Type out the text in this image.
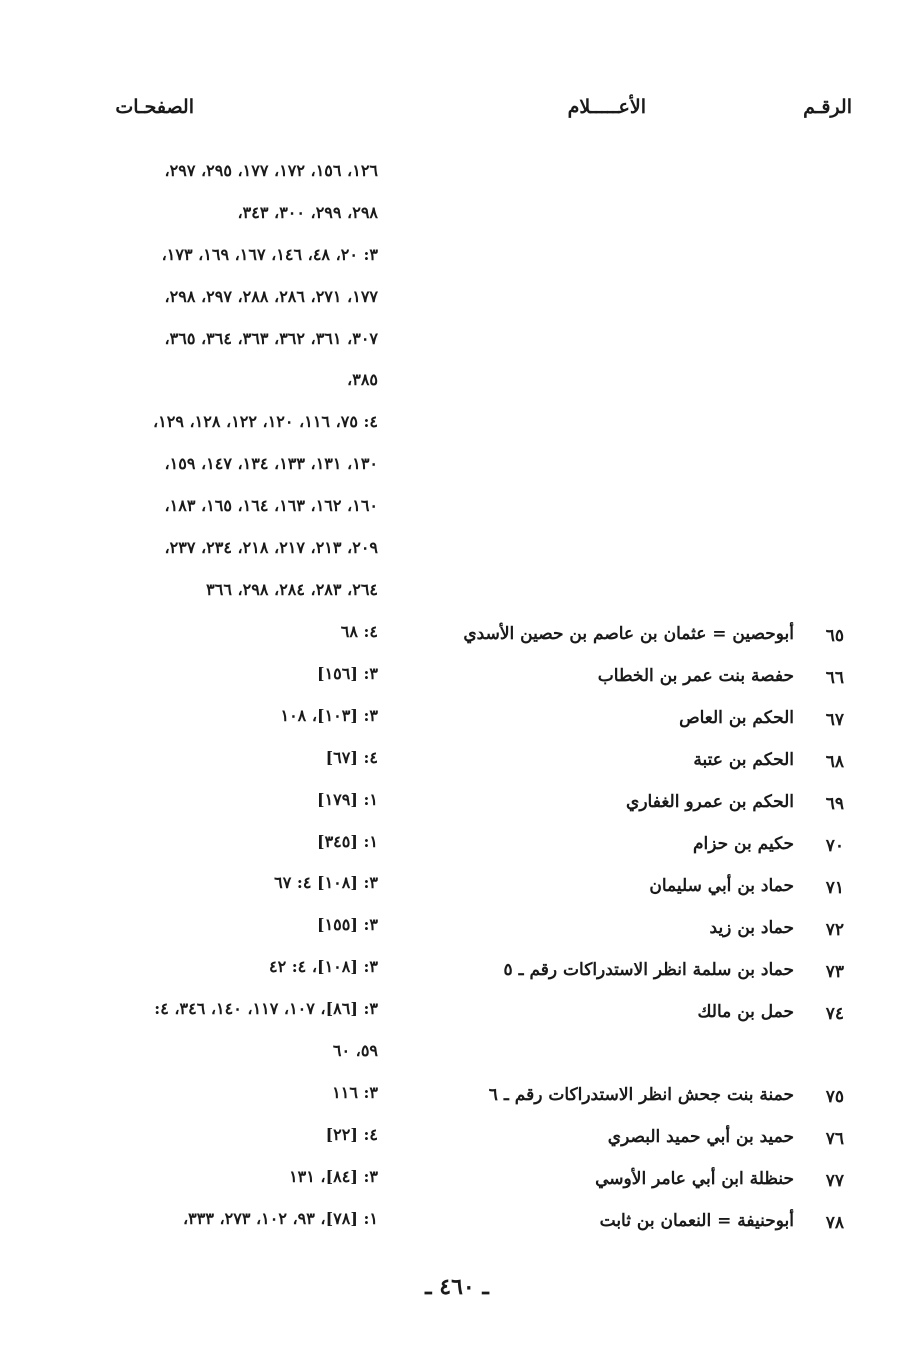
الرقـم
الأعـــــلام
الصفحـات
١٢٦، ١٥٦، ١٧٢، ١٧٧، ٢٩٥، ٢٩٧،
٢٩٨، ٢٩٩، ٣٠٠، ٣٤٣،
٣: ٢٠، ٤٨، ١٤٦، ١٦٧، ١٦٩، ١٧٣،
١٧٧، ٢٧١، ٢٨٦، ٢٨٨، ٢٩٧، ٢٩٨،
٣٠٧، ٣٦١، ٣٦٢، ٣٦٣، ٣٦٤، ٣٦٥،
٣٨٥،
٤: ٧٥، ١١٦، ١٢٠، ١٢٢، ١٢٨، ١٢٩،
١٣٠، ١٣١، ١٣٣، ١٣٤، ١٤٧، ١٥٩،
١٦٠، ١٦٢، ١٦٣، ١٦٤، ١٦٥، ١٨٣،
٢٠٩، ٢١٣، ٢١٧، ٢١٨، ٢٣٤، ٢٣٧،
٢٦٤، ٢٨٣، ٢٨٤، ٢٩٨، ٣٦٦
٤: ٦٨
٣: [١٥٦]
٣: [١٠٣]، ١٠٨
٤: [٦٧]
١: [١٧٩]
١: [٣٤٥]
٣: [١٠٨] ٤: ٦٧
٣: [١٥٥]
٣: [١٠٨]، ٤: ٤٢
٣: [٨٦]، ١٠٧، ١١٧، ١٤٠، ٣٤٦، ٤:
٥٩، ٦٠
٣: ١١٦
٤: [٢٢]
٣: [٨٤]، ١٣١
١: [٧٨]، ٩٣، ١٠٢، ٢٧٣، ٣٣٣،
٦٥
أبوحصين = عثمان بن عاصم بن حصين الأسدي
٦٦
حفصة بنت عمر بن الخطاب
٦٧
الحكم بن العاص
٦٨
الحكم بن عتبة
٦٩
الحكم بن عمرو الغفاري
٧٠
حكيم بن حزام
٧١
حماد بن أبي سليمان
٧٢
حماد بن زيد
٧٣
حماد بن سلمة انظر الاستدراكات رقم ـ ٥
٧٤
حمل بن مالك
٧٥
حمنة بنت جحش انظر الاستدراكات رقم ـ ٦
٧٦
حميد بن أبي حميد البصري
٧٧
حنظلة ابن أبي عامر الأوسي
٧٨
أبوحنيفة = النعمان بن ثابت
ـ ٤٦٠ ـ
